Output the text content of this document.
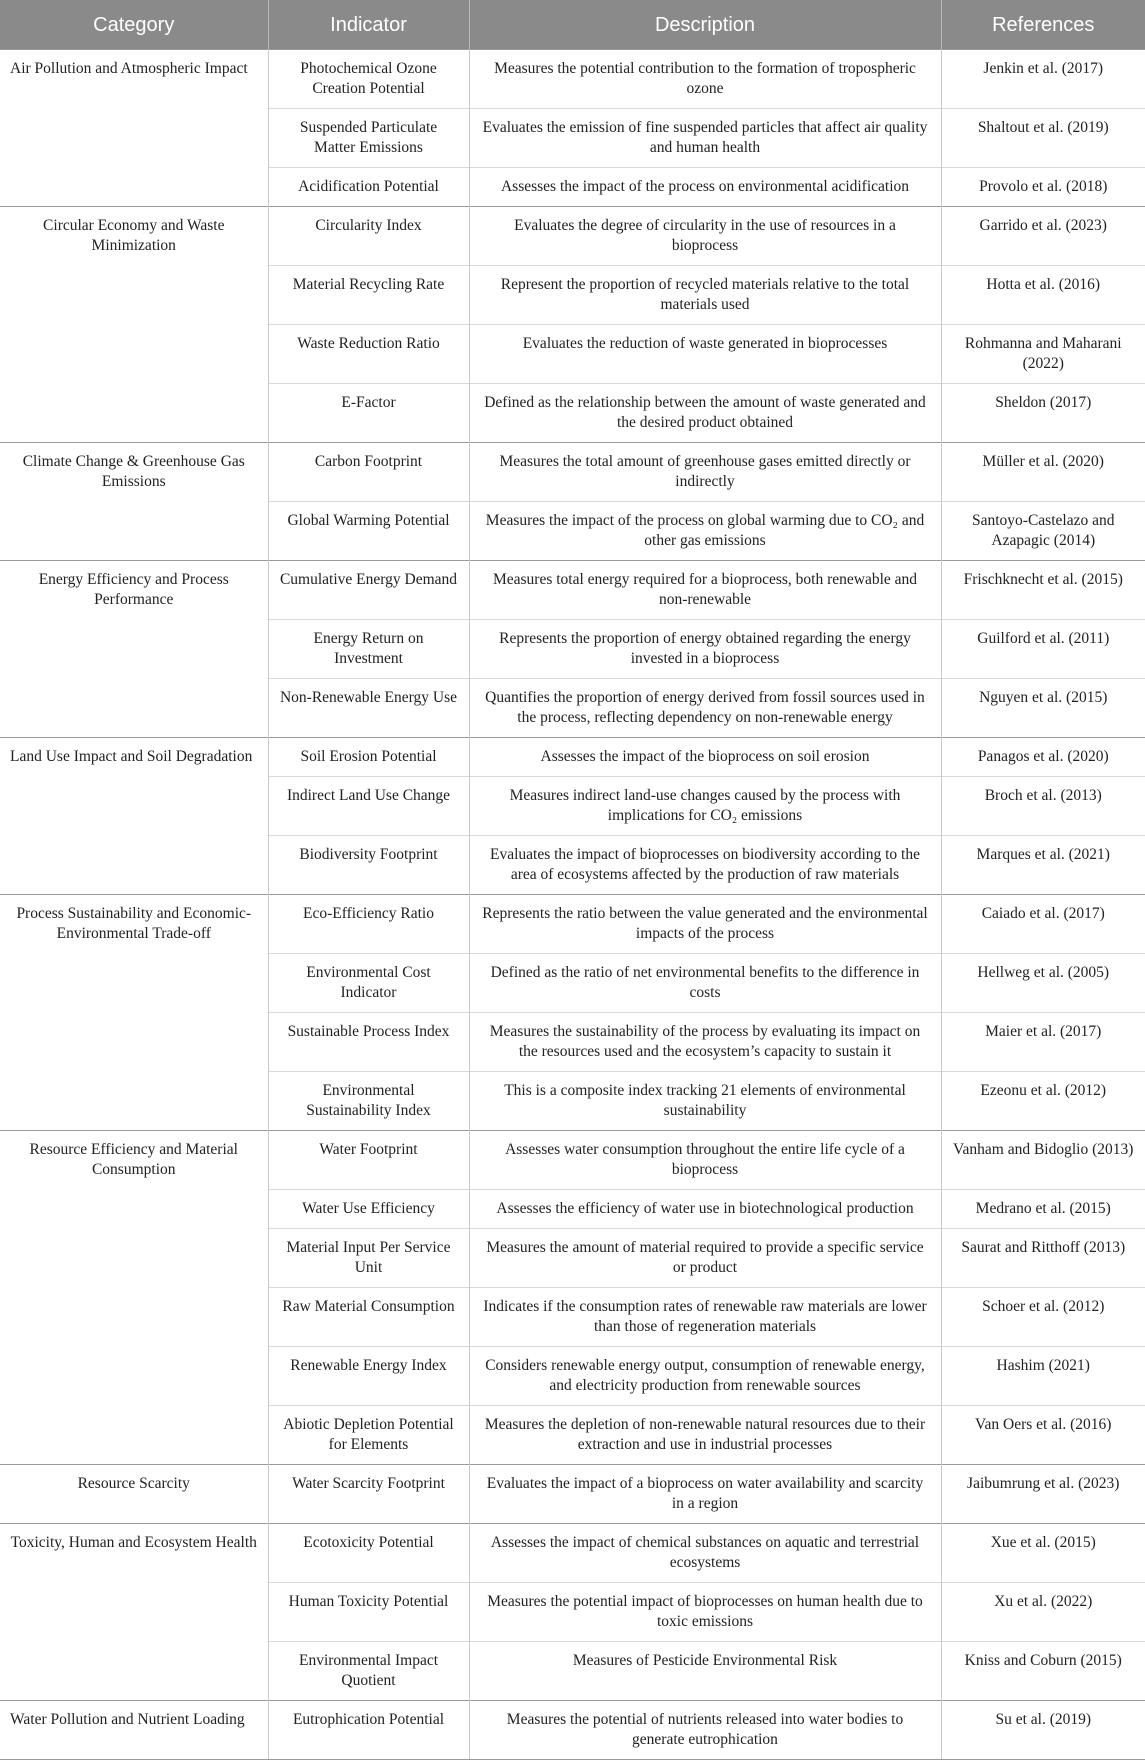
Category	Indicator	Description	References
Air Pollution and Atmospheric Impact	Photochemical Ozone Creation Potential	Measures the potential contribution to the formation of tropospheric ozone	Jenkin et al. (2017)
	Suspended Particulate Matter Emissions	Evaluates the emission of fine suspended particles that affect air quality and human health	Shaltout et al. (2019)
	Acidification Potential	Assesses the impact of the process on environmental acidification	Provolo et al. (2018)
Circular Economy and Waste Minimization	Circularity Index	Evaluates the degree of circularity in the use of resources in a bioprocess	Garrido et al. (2023)
	Material Recycling Rate	Represent the proportion of recycled materials relative to the total materials used	Hotta et al. (2016)
	Waste Reduction Ratio	Evaluates the reduction of waste generated in bioprocesses	Rohmanna and Maharani (2022)
	E-Factor	Defined as the relationship between the amount of waste generated and the desired product obtained	Sheldon (2017)
Climate Change & Greenhouse Gas Emissions	Carbon Footprint	Measures the total amount of greenhouse gases emitted directly or indirectly	Müller et al. (2020)
	Global Warming Potential	Measures the impact of the process on global warming due to CO₂ and other gas emissions	Santoyo-Castelazo and Azapagic (2014)
Energy Efficiency and Process Performance	Cumulative Energy Demand	Measures total energy required for a bioprocess, both renewable and non-renewable	Frischknecht et al. (2015)
	Energy Return on Investment	Represents the proportion of energy obtained regarding the energy invested in a bioprocess	Guilford et al. (2011)
	Non-Renewable Energy Use	Quantifies the proportion of energy derived from fossil sources used in the process, reflecting dependency on non-renewable energy	Nguyen et al. (2015)
Land Use Impact and Soil Degradation	Soil Erosion Potential	Assesses the impact of the bioprocess on soil erosion	Panagos et al. (2020)
	Indirect Land Use Change	Measures indirect land-use changes caused by the process with implications for CO₂ emissions	Broch et al. (2013)
	Biodiversity Footprint	Evaluates the impact of bioprocesses on biodiversity according to the area of ecosystems affected by the production of raw materials	Marques et al. (2021)
Process Sustainability and Economic-Environmental Trade-off	Eco-Efficiency Ratio	Represents the ratio between the value generated and the environmental impacts of the process	Caiado et al. (2017)
	Environmental Cost Indicator	Defined as the ratio of net environmental benefits to the difference in costs	Hellweg et al. (2005)
	Sustainable Process Index	Measures the sustainability of the process by evaluating its impact on the resources used and the ecosystem’s capacity to sustain it	Maier et al. (2017)
	Environmental Sustainability Index	This is a composite index tracking 21 elements of environmental sustainability	Ezeonu et al. (2012)
Resource Efficiency and Material Consumption	Water Footprint	Assesses water consumption throughout the entire life cycle of a bioprocess	Vanham and Bidoglio (2013)
	Water Use Efficiency	Assesses the efficiency of water use in biotechnological production	Medrano et al. (2015)
	Material Input Per Service Unit	Measures the amount of material required to provide a specific service or product	Saurat and Ritthoff (2013)
	Raw Material Consumption	Indicates if the consumption rates of renewable raw materials are lower than those of regeneration materials	Schoer et al. (2012)
	Renewable Energy Index	Considers renewable energy output, consumption of renewable energy, and electricity production from renewable sources	Hashim (2021)
	Abiotic Depletion Potential for Elements	Measures the depletion of non-renewable natural resources due to their extraction and use in industrial processes	Van Oers et al. (2016)
Resource Scarcity	Water Scarcity Footprint	Evaluates the impact of a bioprocess on water availability and scarcity in a region	Jaibumrung et al. (2023)
Toxicity, Human and Ecosystem Health	Ecotoxicity Potential	Assesses the impact of chemical substances on aquatic and terrestrial ecosystems	Xue et al. (2015)
	Human Toxicity Potential	Measures the potential impact of bioprocesses on human health due to toxic emissions	Xu et al. (2022)
	Environmental Impact Quotient	Measures of Pesticide Environmental Risk	Kniss and Coburn (2015)
Water Pollution and Nutrient Loading	Eutrophication Potential	Measures the potential of nutrients released into water bodies to generate eutrophication	Su et al. (2019)
